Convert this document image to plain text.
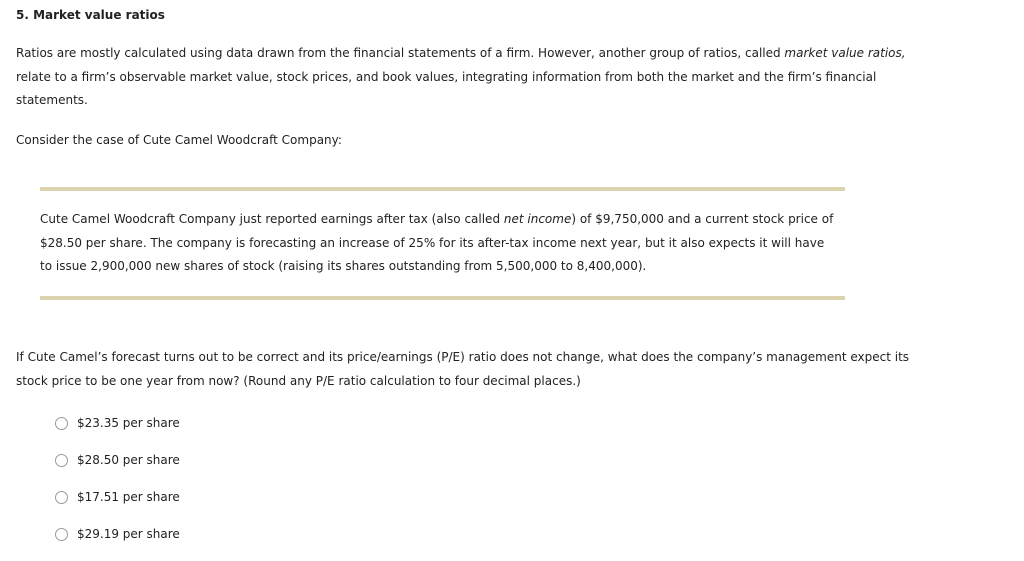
5. Market value ratios
Ratios are mostly calculated using data drawn from the financial statements of a firm. However, another group of ratios, called market value ratios, relate to a firm’s observable market value, stock prices, and book values, integrating information from both the market and the firm’s financial statements.
Consider the case of Cute Camel Woodcraft Company:
Cute Camel Woodcraft Company just reported earnings after tax (also called net income) of $9,750,000 and a current stock price of $28.50 per share. The company is forecasting an increase of 25% for its after-tax income next year, but it also expects it will have to issue 2,900,000 new shares of stock (raising its shares outstanding from 5,500,000 to 8,400,000).
If Cute Camel’s forecast turns out to be correct and its price/earnings (P/E) ratio does not change, what does the company’s management expect its stock price to be one year from now? (Round any P/E ratio calculation to four decimal places.)
$23.35 per share
$28.50 per share
$17.51 per share
$29.19 per share
